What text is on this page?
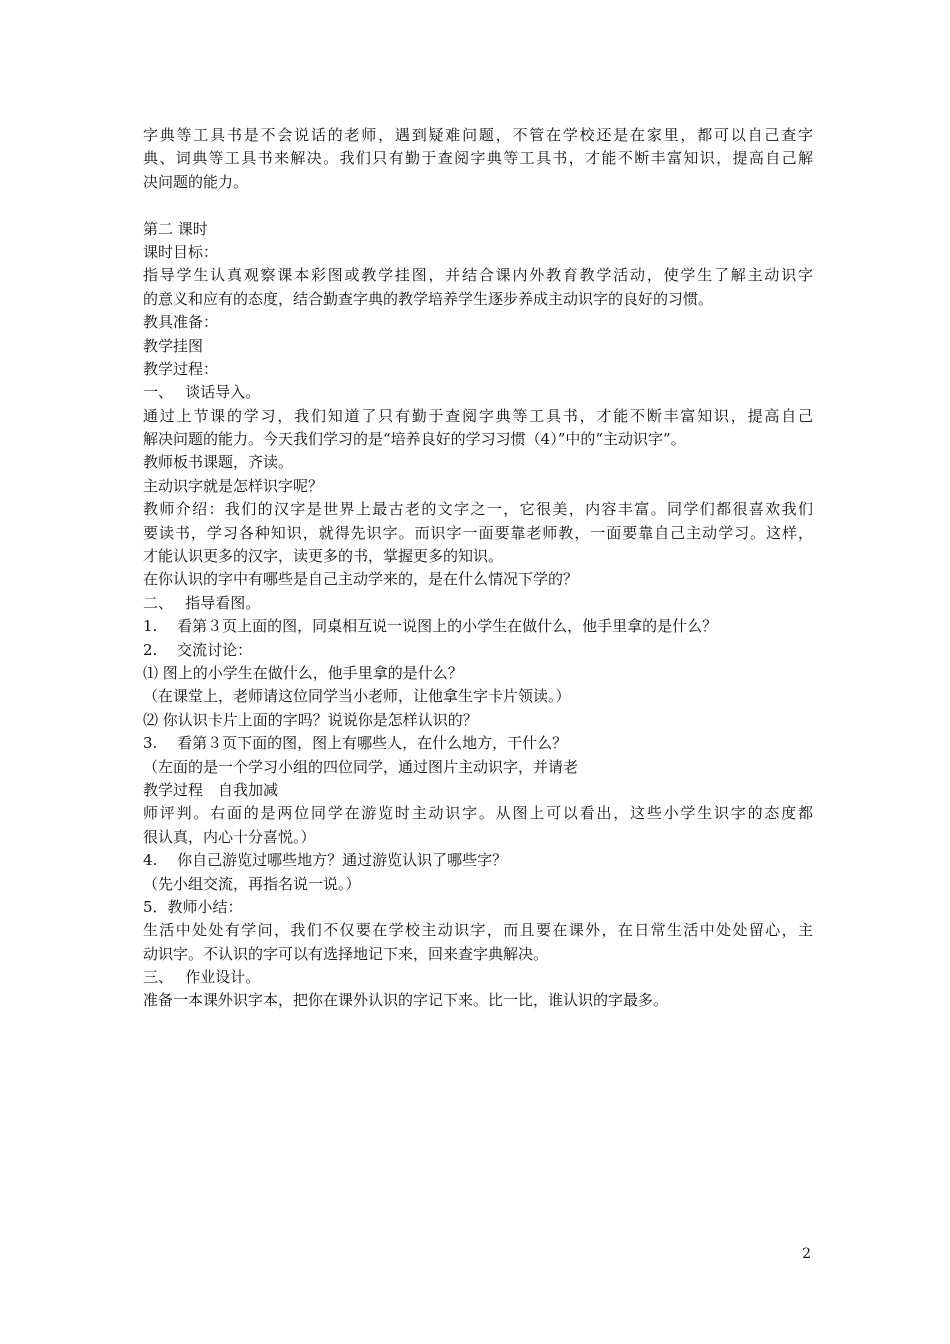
字典等工具书是不会说话的老师，遇到疑难问题，不管在学校还是在家里，都可以自己查字
典、词典等工具书来解决。我们只有勤于查阅字典等工具书，才能不断丰富知识，提高自己解
决问题的能力。
第二 课时
课时目标：
指导学生认真观察课本彩图或教学挂图，并结合课内外教育教学活动，使学生了解主动识字
的意义和应有的态度，结合勤查字典的教学培养学生逐步养成主动识字的良好的习惯。
教具准备：
教学挂图
教学过程：
一、　 谈话导入。
通过上节课的学习，我们知道了只有勤于查阅字典等工具书，才能不断丰富知识，提高自己
解决问题的能力。今天我们学习的是“培养良好的学习习惯（4）”中的“主动识字”。
教师板书课题，齐读。
主动识字就是怎样识字呢？
教师介绍：我们的汉字是世界上最古老的文字之一，它很美，内容丰富。同学们都很喜欢我们
要读书，学习各种知识，就得先识字。而识字一面要靠老师教，一面要靠自己主动学习。这样，
才能认识更多的汉字，读更多的书，掌握更多的知识。
在你认识的字中有哪些是自己主动学来的，是在什么情况下学的？
二、　 指导看图。
1.　 看第３页上面的图，同桌相互说一说图上的小学生在做什么，他手里拿的是什么？
2.　 交流讨论：
⑴ 图上的小学生在做什么，他手里拿的是什么？
（在课堂上，老师请这位同学当小老师，让他拿生字卡片领读。）
⑵ 你认识卡片上面的字吗？说说你是怎样认识的？
3.　 看第３页下面的图，图上有哪些人，在什么地方，干什么？
（左面的是一个学习小组的四位同学，通过图片主动识字，并请老
教学过程　自我加减
师评判。右面的是两位同学在游览时主动识字。从图上可以看出，这些小学生识字的态度都
很认真，内心十分喜悦。）
4.　 你自己游览过哪些地方？通过游览认识了哪些字？
（先小组交流，再指名说一说。）
5．教师小结：
生活中处处有学问，我们不仅要在学校主动识字，而且要在课外，在日常生活中处处留心，主
动识字。不认识的字可以有选择地记下来，回来查字典解决。
三、　 作业设计。
准备一本课外识字本，把你在课外认识的字记下来。比一比，谁认识的字最多。
2
